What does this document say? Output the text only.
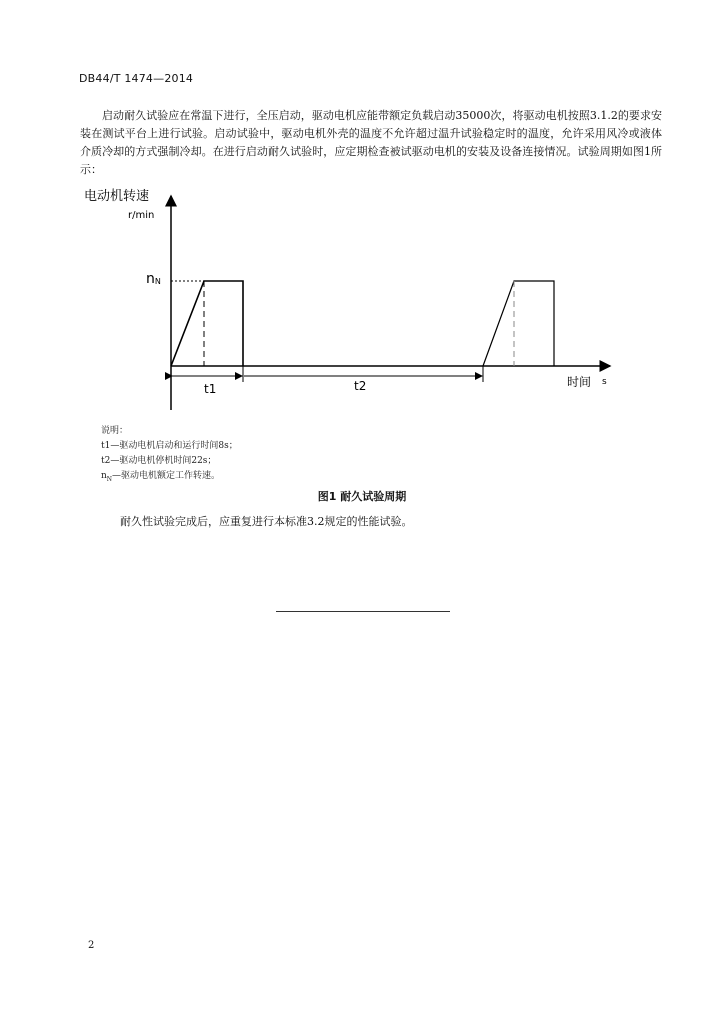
DB44/T 1474—2014
启动耐久试验应在常温下进行，全压启动，驱动电机应能带额定负载启动35000次，将驱动电机按照3.1.2的要求安装在测试平台上进行试验。启动试验中，驱动电机外壳的温度不允许超过温升试验稳定时的温度，允许采用风冷或液体介质冷却的方式强制冷却。在进行启动耐久试验时，应定期检查被试驱动电机的安装及设备连接情况。试验周期如图1所示：
电动机转速
r/min
nN
t1	t2	时间 s
说明：
t1—驱动电机启动和运行时间8s；
t2—驱动电机停机时间22s；
$n_N—$驱动电机额定工作转速。
图1 耐久试验周期
耐久性试验完成后，应重复进行本标准3.2规定的性能试验。
2
